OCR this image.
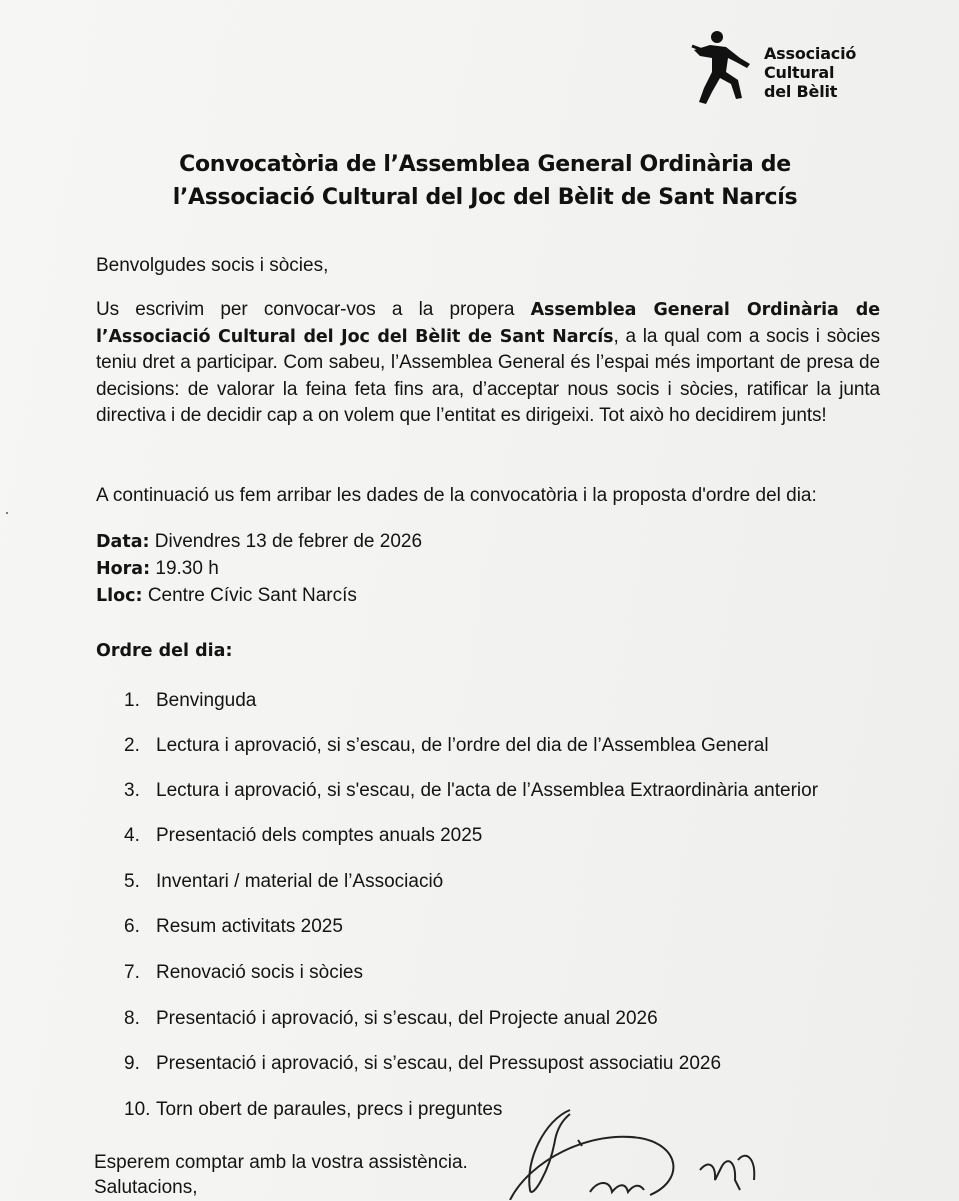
Associació
Cultural
del Bèlit
Convocatòria de l’Assemblea General Ordinària de
l’Associació Cultural del Joc del Bèlit de Sant Narcís
Benvolgudes socis i sòcies,
Us escrivim per convocar-vos a la propera Assemblea General Ordinària de l’Associació Cultural del Joc del Bèlit de Sant Narcís, a la qual com a socis i sòcies teniu dret a participar. Com sabeu, l’Assemblea General és l’espai més important de presa de decisions: de valorar la feina feta fins ara, d’acceptar nous socis i sòcies, ratificar la junta directiva i de decidir cap a on volem que l’entitat es dirigeixi. Tot això ho decidirem junts!
A continuació us fem arribar les dades de la convocatòria i la proposta d'ordre del dia:
Data: Divendres 13 de febrer de 2026
Hora: 19.30 h
Lloc: Centre Cívic Sant Narcís
Ordre del dia:
1. Benvinguda
2. Lectura i aprovació, si s’escau, de l’ordre del dia de l’Assemblea General
3. Lectura i aprovació, si s'escau, de l'acta de l’Assemblea Extraordinària anterior
4. Presentació dels comptes anuals 2025
5. Inventari / material de l’Associació
6. Resum activitats 2025
7. Renovació socis i sòcies
8. Presentació i aprovació, si s’escau, del Projecte anual 2026
9. Presentació i aprovació, si s’escau, del Pressupost associatiu 2026
10. Torn obert de paraules, precs i preguntes
Esperem comptar amb la vostra assistència.
Salutacions,
